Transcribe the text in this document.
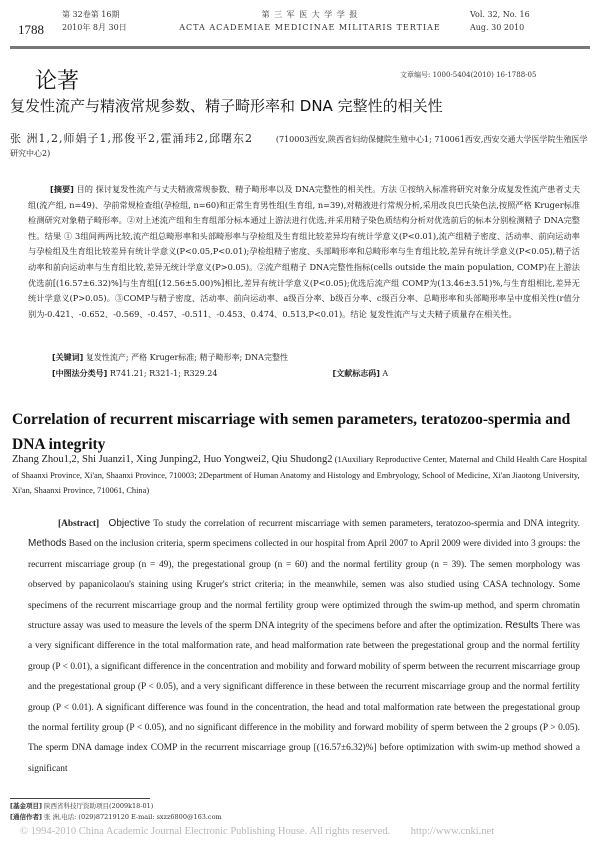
1788
第 32卷第 16期
2010年 8月 30日
第 三 军 医 大 学 学 报
ACTA ACADEMIAE MEDICINAE MILITARIS TERTIAE
Vol. 32, No. 16
Aug. 30 2010
论著	文章编号: 1000-5404(2010) 16-1788-05
复发性流产与精液常规参数、精子畸形率和 DNA 完整性的相关性
张 洲1,2,师娟子1,邢俊平2,霍涌玮2,邱曙东2	(710003西安,陕西省妇幼保健院生殖中心1; 710061西安,西安交通大学医学院生殖医学研究中心2)
[摘要] 目的 探讨复发性流产与丈夫精液常规参数、精子畸形率以及 DNA完整性的相关性。方法 ①按纳入标准将研究对象分成复发性流产患者丈夫组(流产组, n=49)、孕前常规检查组(孕检组, n=60)和正常生育男性组(生育组, n=39),对精液进行常规分析,采用改良巴氏染色法,按照严格 Kruger标准检测研究对象精子畸形率。②对上述流产组和生育组部分标本通过上游法进行优选,并采用精子染色质结构分析对优选前后的标本分别检测精子 DNA完整性。结果 ① 3组间两两比较,流产组总畸形率和头部畸形率与孕检组及生育组比较差异均有统计学意义(P<0.01),流产组精子密度、活动率、前向运动率与孕检组及生育组比较差异有统计学意义(P<0.05,P<0.01);孕检组精子密度、头部畸形率和总畸形率与生育组比较,差异有统计学意义(P<0.05),精子活动率和前向运动率与生育组比较,差异无统计学意义(P>0.05)。②流产组精子 DNA完整性指标(cells outside the main population, COMP)在上游法优选前[(16.57±6.32)%]与生育组[(12.56±5.00)%]相比,差异有统计学意义(P<0.05);优选后流产组 COMP为(13.46±3.51)%,与生育组相比,差异无统计学意义(P>0.05)。③COMP与精子密度、活动率、前向运动率、a级百分率、b级百分率、c级百分率、总畸形率和头部畸形率呈中度相关性(r值分别为-0.421、-0.652、-0.569、-0.457、-0.511、-0.453、0.474、0.513,P<0.01)。结论 复发性流产与丈夫精子质量存在相关性。
[关键词] 复发性流产; 严格 Kruger标准; 精子畸形率; DNA完整性
[中图法分类号] R741.21; R321-1; R329.24	[文献标志码] A
Correlation of recurrent miscarriage with semen parameters, teratozoo-spermia and DNA integrity
Zhang Zhou1,2, Shi Juanzi1, Xing Junping2, Huo Yongwei2, Qiu Shudong2 (1Auxiliary Reproductive Center, Maternal and Child Health Care Hospital of Shaanxi Province, Xi'an, Shaanxi Province, 710003; 2Department of Human Anatomy and Histology and Embryology, School of Medicine, Xi'an Jiaotong University, Xi'an, Shaanxi Province, 710061, China)
[Abstract] Objective To study the correlation of recurrent miscarriage with semen parameters, teratozoo-spermia and DNA integrity. Methods Based on the inclusion criteria, sperm specimens collected in our hospital from April 2007 to April 2009 were divided into 3 groups: the recurrent miscarriage group (n = 49), the pregestational group (n = 60) and the normal fertility group (n = 39). The semen morphology was observed by papanicolaou's staining using Kruger's strict criteria; in the meanwhile, semen was also studied using CASA technology. Some specimens of the recurrent miscarriage group and the normal fertility group were optimized through the swim-up method, and sperm chromatin structure assay was used to measure the levels of the sperm DNA integrity of the specimens before and after the optimization. Results There was a very significant difference in the total malformation rate, and head malformation rate between the pregestational group and the normal fertility group (P < 0.01), a significant difference in the concentration and mobility and forward mobility of sperm between the recurrent miscarriage group and the pregestational group (P < 0.05), and a very significant difference in these between the recurrent miscarriage group and the normal fertility group (P < 0.01). A significant difference was found in the concentration, the head and total malformation rate between the pregestational group the normal fertility group (P < 0.05), and no significant difference in the mobility and forward mobility of sperm between the 2 groups (P > 0.05). The sperm DNA damage index COMP in the recurrent miscarriage group [(16.57±6.32)%] before optimization with swim-up method showed a significant
[基金项目] 陕西省科技厅资助项目(2009k18-01)
[通信作者] 张 洲,电话: (029)87219120 E-mail: sxzz6800@163.com
© 1994-2010 China Academic Journal Electronic Publishing House. All rights reserved. http://www.cnki.net
